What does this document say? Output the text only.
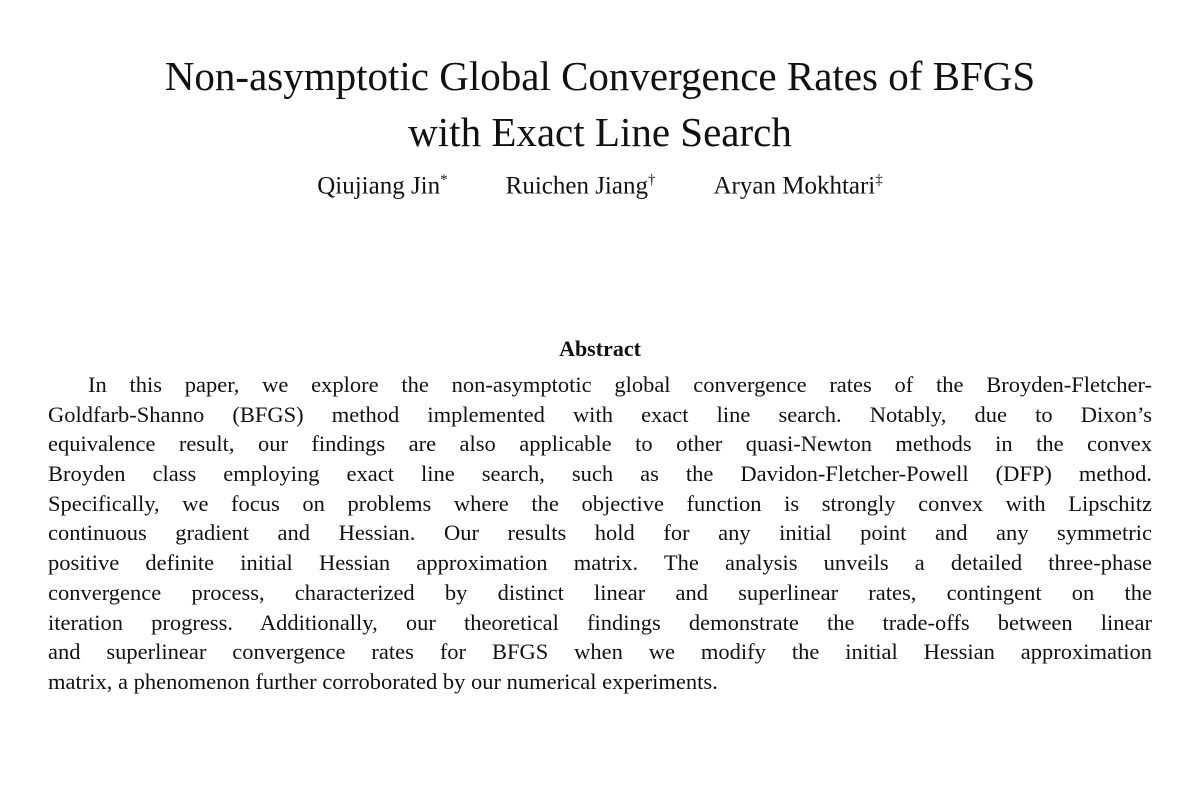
Non-asymptotic Global Convergence Rates of BFGS
with Exact Line Search
Qiujiang Jin* Ruichen Jiang† Aryan Mokhtari‡
Abstract
In this paper, we explore the non-asymptotic global convergence rates of the Broyden-Fletcher-
Goldfarb-Shanno (BFGS) method implemented with exact line search. Notably, due to Dixon’s
equivalence result, our findings are also applicable to other quasi-Newton methods in the convex
Broyden class employing exact line search, such as the Davidon-Fletcher-Powell (DFP) method.
Specifically, we focus on problems where the objective function is strongly convex with Lipschitz
continuous gradient and Hessian. Our results hold for any initial point and any symmetric
positive definite initial Hessian approximation matrix. The analysis unveils a detailed three-phase
convergence process, characterized by distinct linear and superlinear rates, contingent on the
iteration progress. Additionally, our theoretical findings demonstrate the trade-offs between linear
and superlinear convergence rates for BFGS when we modify the initial Hessian approximation
matrix, a phenomenon further corroborated by our numerical experiments.
